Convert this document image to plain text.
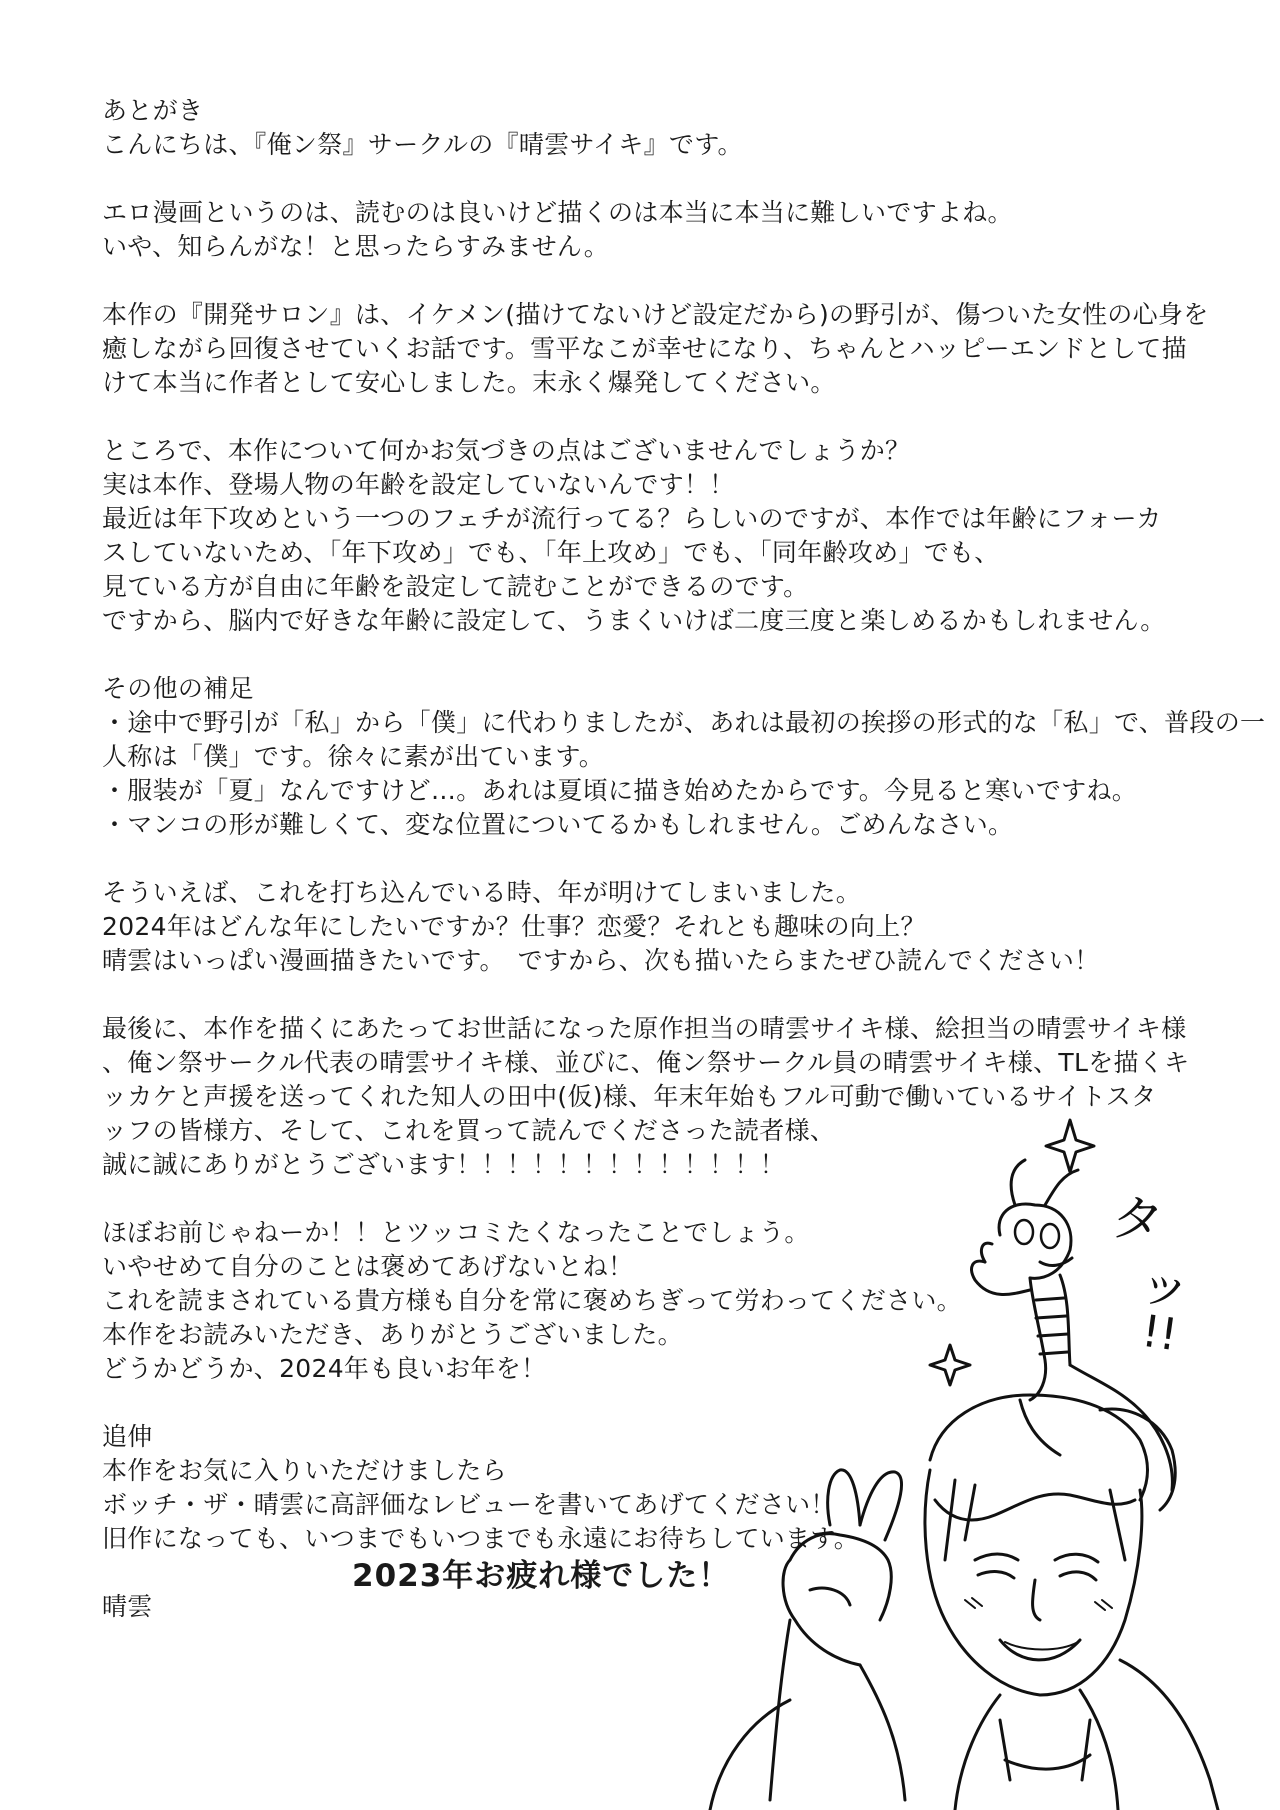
あとがき
こんにちは、『俺ン祭』サークルの『晴雲サイキ』です。
エロ漫画というのは、読むのは良いけど描くのは本当に本当に難しいですよね。
いや、知らんがな！と思ったらすみません。
本作の『開発サロン』は、イケメン(描けてないけど設定だから)の野引が、傷ついた女性の心身を
癒しながら回復させていくお話です。雪平なこが幸せになり、ちゃんとハッピーエンドとして描
けて本当に作者として安心しました。末永く爆発してください。
ところで、本作について何かお気づきの点はございませんでしょうか？
実は本作、登場人物の年齢を設定していないんです！！
最近は年下攻めという一つのフェチが流行ってる？らしいのですが、本作では年齢にフォーカ
スしていないため、「年下攻め」でも、「年上攻め」でも、「同年齢攻め」でも、
見ている方が自由に年齢を設定して読むことができるのです。
ですから、脳内で好きな年齢に設定して、うまくいけば二度三度と楽しめるかもしれません。
その他の補足
・途中で野引が「私」から「僕」に代わりましたが、あれは最初の挨拶の形式的な「私」で、普段の一
人称は「僕」です。徐々に素が出ています。
・服装が「夏」なんですけど…。あれは夏頃に描き始めたからです。今見ると寒いですね。
・マンコの形が難しくて、変な位置についてるかもしれません。ごめんなさい。
そういえば、これを打ち込んでいる時、年が明けてしまいました。
2024年はどんな年にしたいですか？仕事？恋愛？それとも趣味の向上？
晴雲はいっぱい漫画描きたいです。　ですから、次も描いたらまたぜひ読んでください！
最後に、本作を描くにあたってお世話になった原作担当の晴雲サイキ様、絵担当の晴雲サイキ様
、俺ン祭サークル代表の晴雲サイキ様、並びに、俺ン祭サークル員の晴雲サイキ様、TLを描くキ
ッカケと声援を送ってくれた知人の田中(仮)様、年末年始もフル可動で働いているサイトスタ
ッフの皆様方、そして、これを買って読んでくださった読者様、
誠に誠にありがとうございます！！！！！！！！！！！！！
ほぼお前じゃねーか！！とツッコミたくなったことでしょう。
いやせめて自分のことは褒めてあげないとね！
これを読まされている貴方様も自分を常に褒めちぎって労わってください。
本作をお読みいただき、ありがとうございました。
どうかどうか、2024年も良いお年を！
追伸
本作をお気に入りいただけましたら
ボッチ・ザ・晴雲に高評価なレビューを書いてあげてください！
旧作になっても、いつまでもいつまでも永遠にお待ちしています。
晴雲
2023年お疲れ様でした！
タ
ッ
!!
